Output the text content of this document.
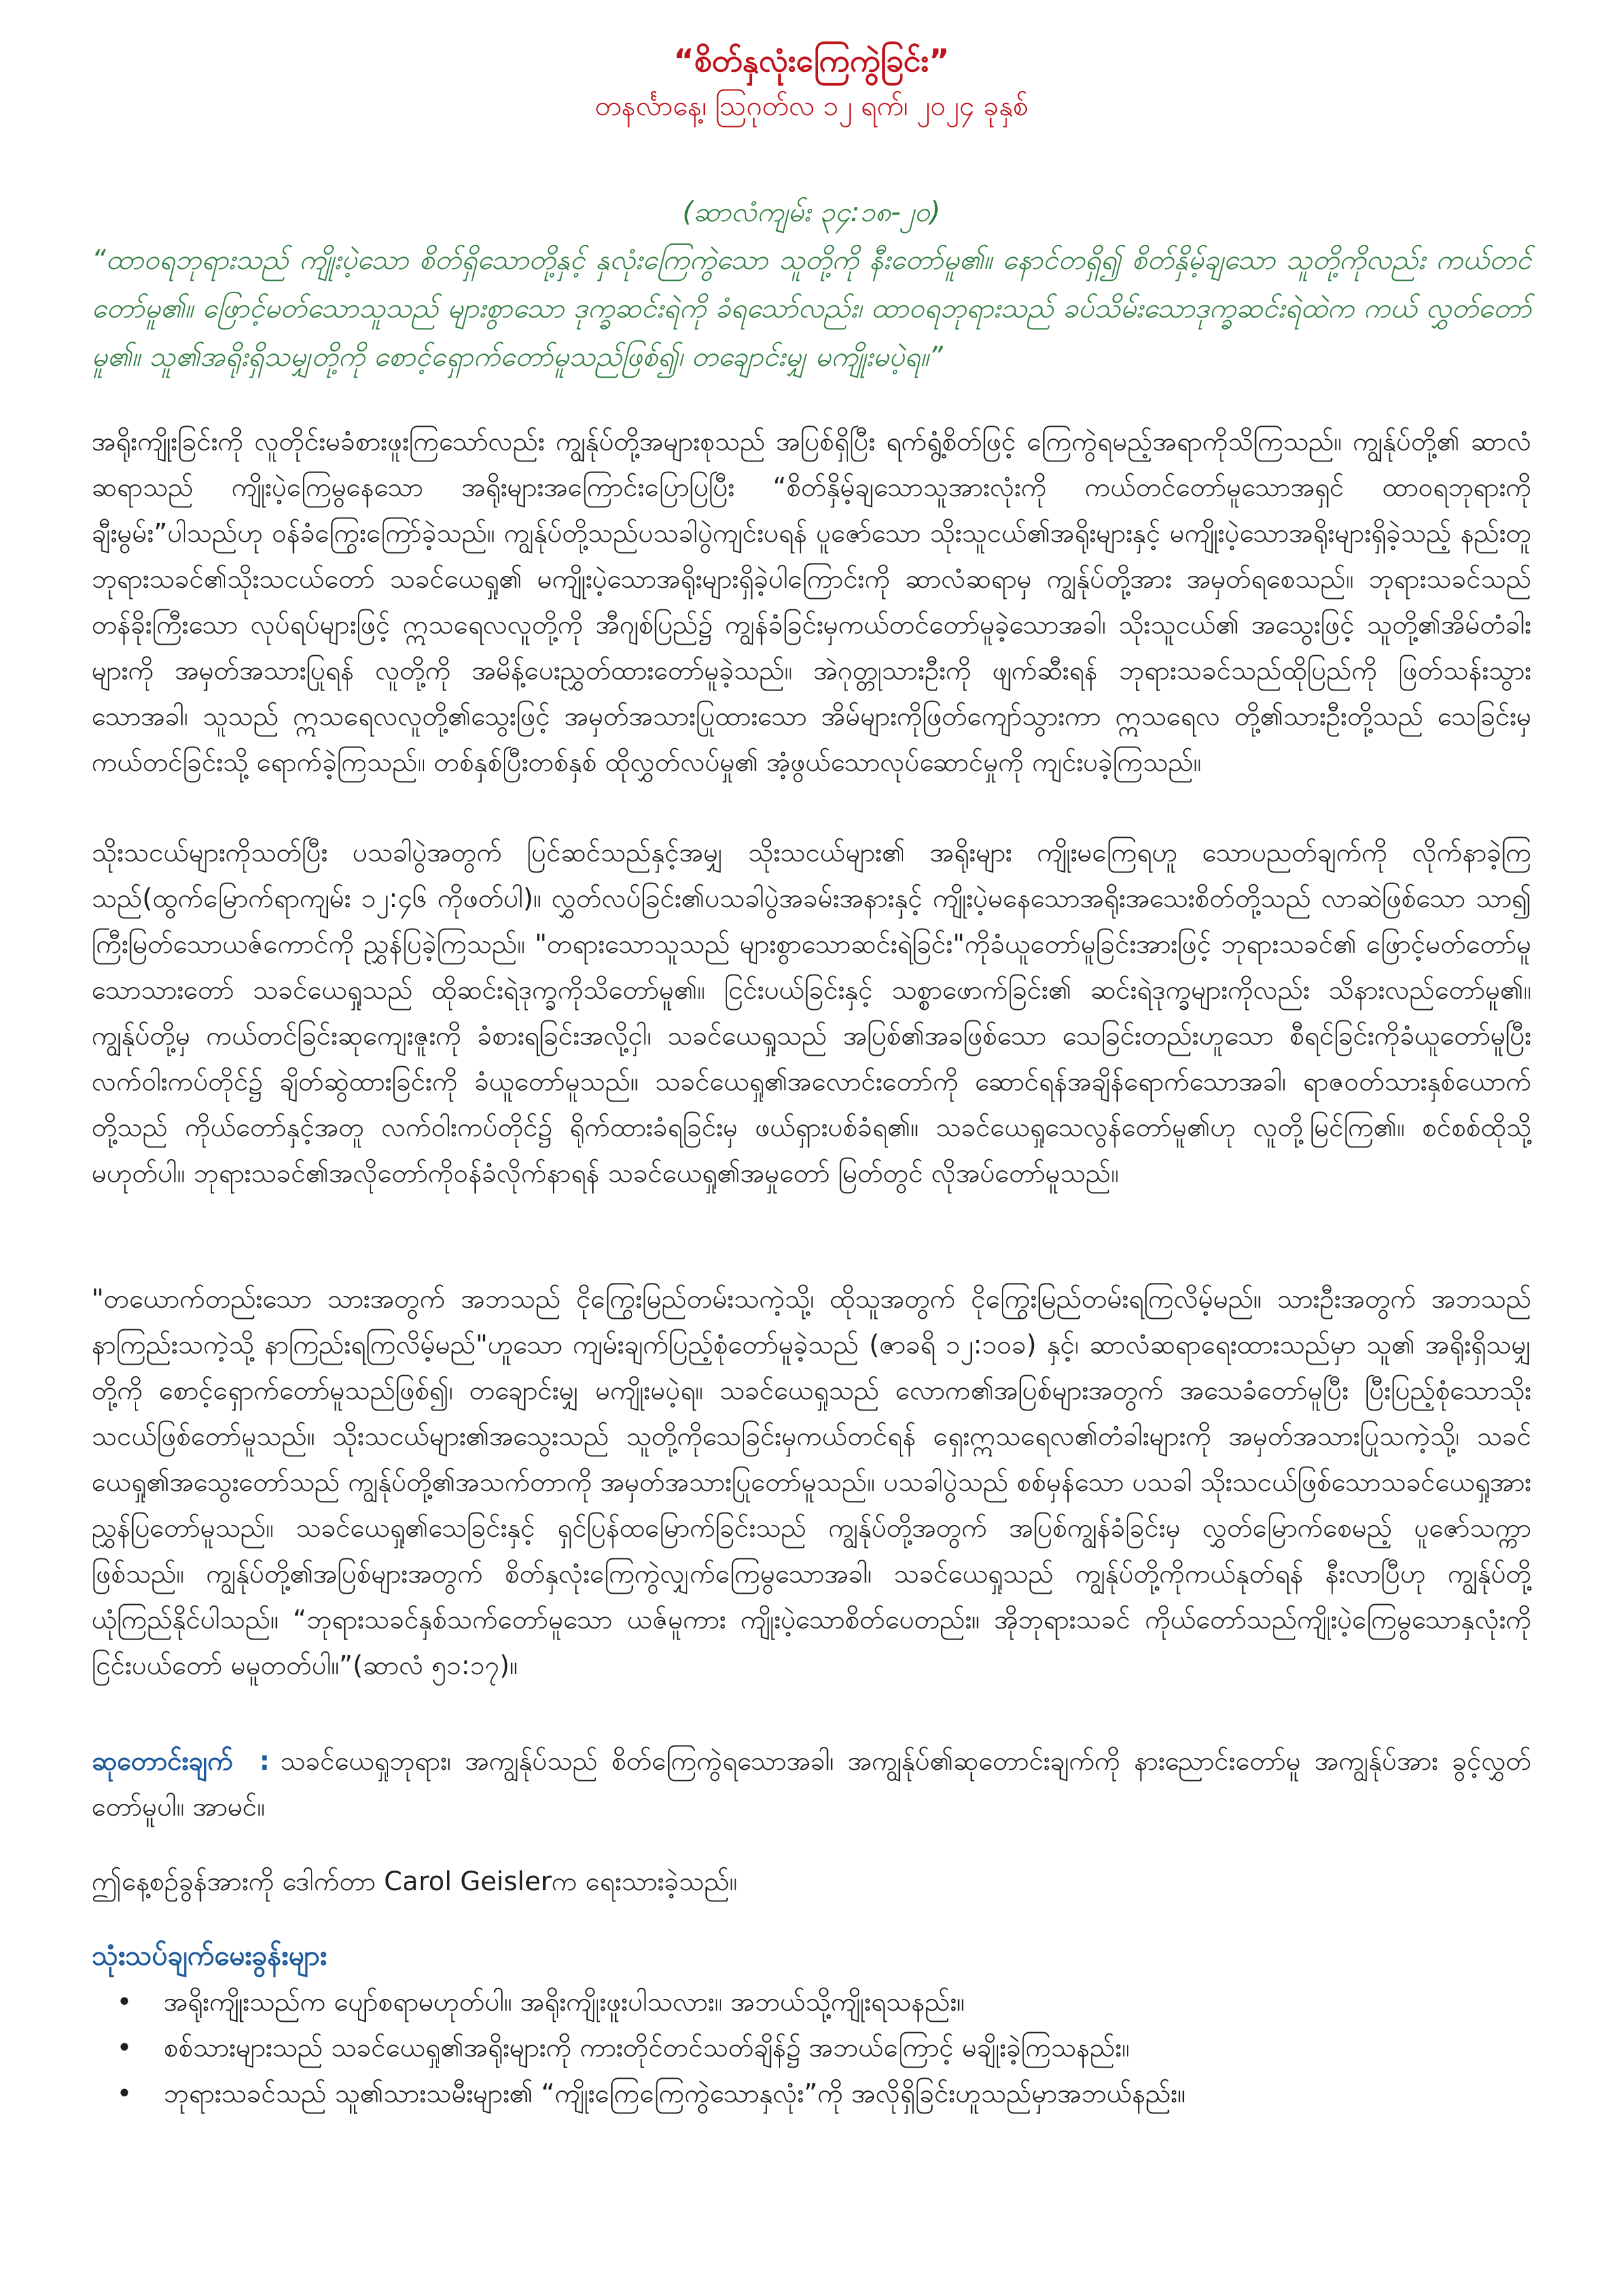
“စိတ်နှလုံးကြေကွဲခြင်း”
တနင်္လာနေ့၊ ဩဂုတ်လ ၁၂ ရက်၊ ၂၀၂၄ ခုနှစ်
(ဆာလံကျမ်း ၃၄:၁၈-၂၀)
“ထာဝရဘုရားသည် ကျိုးပဲ့သော စိတ်ရှိသောတို့နှင့် နှလုံးကြေကွဲသော သူတို့ကို နီးတော်မူ၏။ နောင်တရှိ၍ စိတ်နှိမ့်ချသော သူတို့ကိုလည်း ကယ်တင်တော်မူ၏။ ဖြောင့်မတ်သောသူသည် များစွာသော ဒုက္ခဆင်းရဲကို ခံရသော်လည်း၊ ထာဝရဘုရားသည် ခပ်သိမ်းသောဒုက္ခဆင်းရဲထဲက ကယ် လွှတ်တော်မူ၏။ သူ၏အရိုးရှိသမျှတို့ကို စောင့်ရှောက်တော်မူသည်ဖြစ်၍၊ တချောင်းမျှ မကျိုးမပဲ့ရ။”
အရိုးကျိုးခြင်းကို လူတိုင်းမခံစားဖူးကြသော်လည်း ကျွန်ုပ်တို့အများစုသည် အပြစ်ရှိပြီး ရက်ရွံ့စိတ်ဖြင့် ကြေကွဲရမည့်အရာကိုသိကြသည်။ ကျွန်ုပ်တို့၏ ဆာလံဆရာသည် ကျိုးပဲ့ကြေမွနေသော အရိုးများအကြောင်းပြောပြပြီး “စိတ်နှိမ့်ချသောသူအားလုံးကို ကယ်တင်တော်မူသောအရှင် ထာဝရဘုရားကို ချီးမွမ်း”ပါသည်ဟု ဝန်ခံကြွေးကြော်ခဲ့သည်။ ကျွန်ုပ်တို့သည်ပသခါပွဲကျင်းပရန် ပူဇော်သော သိုးသူငယ်၏အရိုးများနှင့် မကျိုးပဲ့သောအရိုးများရှိခဲ့သည့် နည်းတူ ဘုရားသခင်၏သိုးသငယ်တော် သခင်ယေရှု၏ မကျိုးပဲ့သောအရိုးများရှိခဲ့ပါကြောင်းကို ဆာလံဆရာမှ ကျွန်ုပ်တို့အား အမှတ်ရစေသည်။ ဘုရားသခင်သည် တန်ခိုးကြီးသော လုပ်ရပ်များဖြင့် ဣသရေလလူတို့ကို အီဂျစ်ပြည်၌ ကျွန်ခံခြင်းမှကယ်တင်တော်မူခဲ့သောအခါ၊ သိုးသူငယ်၏ အသွေးဖြင့် သူတို့၏အိမ်တံခါးများကို အမှတ်အသားပြုရန် လူတို့ကို အမိန့်ပေးညွှတ်ထားတော်မူခဲ့သည်။ အဲဂုတ္တုသားဦးကို ဖျက်ဆီးရန် ဘုရားသခင်သည်ထိုပြည်ကို ဖြတ်သန်းသွားသောအခါ၊ သူသည် ဣသရေလလူတို့၏သွေးဖြင့် အမှတ်အသားပြုထားသော အိမ်များကိုဖြတ်ကျော်သွားကာ ဣသရေလ တို့၏သားဦးတို့သည် သေခြင်းမှ ကယ်တင်ခြင်းသို့ ရောက်ခဲ့ကြသည်။ တစ်နှစ်ပြီးတစ်နှစ် ထိုလွှတ်လပ်မှု၏ အံ့ဖွယ်သောလုပ်ဆောင်မှုကို ကျင်းပခဲ့ကြသည်။
သိုးသငယ်များကိုသတ်ပြီး ပသခါပွဲအတွက် ပြင်ဆင်သည်နှင့်အမျှ သိုးသငယ်များ၏ အရိုးများ ကျိုးမကြေရဟူ သောပညတ်ချက်ကို လိုက်နာခဲ့ကြသည်(ထွက်မြောက်ရာကျမ်း ၁၂:၄၆ ကိုဖတ်ပါ)။ လွှတ်လပ်ခြင်း၏ပသခါပွဲအခမ်းအနားနှင့် ကျိုးပဲ့မနေသောအရိုးအသေးစိတ်တို့သည် လာဆဲဖြစ်သော သာ၍ ကြီးမြတ်သောယဇ်ကောင်ကို ညွှန်ပြခဲ့ကြသည်။ "တရားသောသူသည် များစွာသောဆင်းရဲခြင်း"ကိုခံယူတော်မူခြင်းအားဖြင့် ဘုရားသခင်၏ ဖြောင့်မတ်တော်မူသောသားတော် သခင်ယေရှုသည် ထိုဆင်းရဲဒုက္ခကိုသိတော်မူ၏။ ငြင်းပယ်ခြင်းနှင့် သစ္စာဖောက်ခြင်း၏ ဆင်းရဲဒုက္ခများကိုလည်း သိနားလည်တော်မူ၏။ ကျွန်ုပ်တို့မှ ကယ်တင်ခြင်းဆုကျေးဇူးကို ခံစားရခြင်းအလို့ငှါ၊ သခင်ယေရှုသည် အပြစ်၏အခဖြစ်သော သေခြင်းတည်းဟူသော စီရင်ခြင်းကိုခံယူတော်မူပြီး လက်ဝါးကပ်တိုင်၌ ချိတ်ဆွဲထားခြင်းကို ခံယူတော်မူသည်။ သခင်ယေရှု၏အလောင်းတော်ကို ဆောင်ရန်အချိန်ရောက်သောအခါ၊ ရာဇဝတ်သားနှစ်ယောက်တို့သည် ကိုယ်တော်နှင့်အတူ လက်ဝါးကပ်တိုင်၌ ရိုက်ထားခံရခြင်းမှ ဖယ်ရှားပစ်ခံရ၏။ သခင်ယေရှုသေလွန်တော်မူ၏ဟု လူတို့မြင်ကြ၏။ စင်စစ်ထိုသို့ မဟုတ်ပါ။ ဘုရားသခင်၏အလိုတော်ကိုဝန်ခံလိုက်နာရန် သခင်ယေရှု၏အမှုတော် မြတ်တွင် လိုအပ်တော်မူသည်။
"တယောက်တည်းသော သားအတွက် အဘသည် ငိုကြွေးမြည်တမ်းသကဲ့သို့၊ ထိုသူအတွက် ငိုကြွေးမြည်တမ်းရကြလိမ့်မည်။ သားဦးအတွက် အဘသည် နာကြည်းသကဲ့သို့ နာကြည်းရကြလိမ့်မည်"ဟူသော ကျမ်းချက်ပြည့်စုံတော်မူခဲ့သည် (ဇာခရိ ၁၂:၁၀ခ) နှင့်၊ ဆာလံဆရာရေးထားသည်မှာ သူ၏ အရိုးရှိသမျှတို့ကို စောင့်ရှောက်တော်မူသည်ဖြစ်၍၊ တချောင်းမျှ မကျိုးမပဲ့ရ။ သခင်ယေရှုသည် လောက၏အပြစ်များအတွက် အသေခံတော်မူပြီး ပြီးပြည့်စုံသောသိုးသငယ်ဖြစ်တော်မူသည်။ သိုးသငယ်များ၏အသွေးသည် သူတို့ကိုသေခြင်းမှကယ်တင်ရန် ရှေးဣသရေလ၏တံခါးများကို အမှတ်အသားပြုသကဲ့သို့၊ သခင်ယေရှု၏အသွေးတော်သည် ကျွန်ုပ်တို့၏အသက်တာကို အမှတ်အသားပြုတော်မူသည်။ ပသခါပွဲသည် စစ်မှန်သော ပသခါ သိုးသငယ်ဖြစ်သောသခင်ယေရှုအား ညွှန်ပြတော်မူသည်။ သခင်ယေရှု၏သေခြင်းနှင့် ရှင်ပြန်ထမြောက်ခြင်းသည် ကျွန်ုပ်တို့အတွက် အပြစ်ကျွန်ခံခြင်းမှ လွှတ်မြောက်စေမည့် ပူဇော်သက္ကာဖြစ်သည်။ ကျွန်ုပ်တို့၏အပြစ်များအတွက် စိတ်နှလုံးကြေကွဲလျှက်ကြေမွသောအခါ၊ သခင်ယေရှုသည် ကျွန်ုပ်တို့ကိုကယ်နုတ်ရန် နီးလာပြီဟု ကျွန်ုပ်တို့ ယုံကြည်နိုင်ပါသည်။ “ဘုရားသခင်နှစ်သက်တော်မူသော ယဇ်မူကား ကျိုးပဲ့သောစိတ်ပေတည်း။ အိုဘုရားသခင် ကိုယ်တော်သည်ကျိုးပဲ့ကြေမွသောနှလုံးကို ငြင်းပယ်တော် မမူတတ်ပါ။”(ဆာလံ ၅၁:၁၇)။
ဆုတောင်းချက် : သခင်ယေရှုဘုရား၊ အကျွန်ုပ်သည် စိတ်ကြေကွဲရသောအခါ၊ အကျွန်ုပ်၏ဆုတောင်းချက်ကို နားညောင်းတော်မူ အကျွန်ုပ်အား ခွင့်လွှတ်တော်မူပါ။ အာမင်။
ဤနေ့စဉ်ခွန်အားကို ဒေါက်တာ Carol Geislerက ရေးသားခဲ့သည်။
သုံးသပ်ချက်မေးခွန်းများ
• အရိုးကျိုးသည်က ပျော်စရာမဟုတ်ပါ။ အရိုးကျိုးဖူးပါသလား။ အဘယ်သို့ကျိုးရသနည်း။
• စစ်သားများသည် သခင်ယေရှု၏အရိုးများကို ကားတိုင်တင်သတ်ချိန်၌ အဘယ်ကြောင့် မချိုးခဲ့ကြသနည်း။
• ဘုရားသခင်သည် သူ၏သားသမီးများ၏ “ကျိုးကြေကြေကွဲသောနှလုံး”ကို အလိုရှိခြင်းဟူသည်မှာအဘယ်နည်း။
